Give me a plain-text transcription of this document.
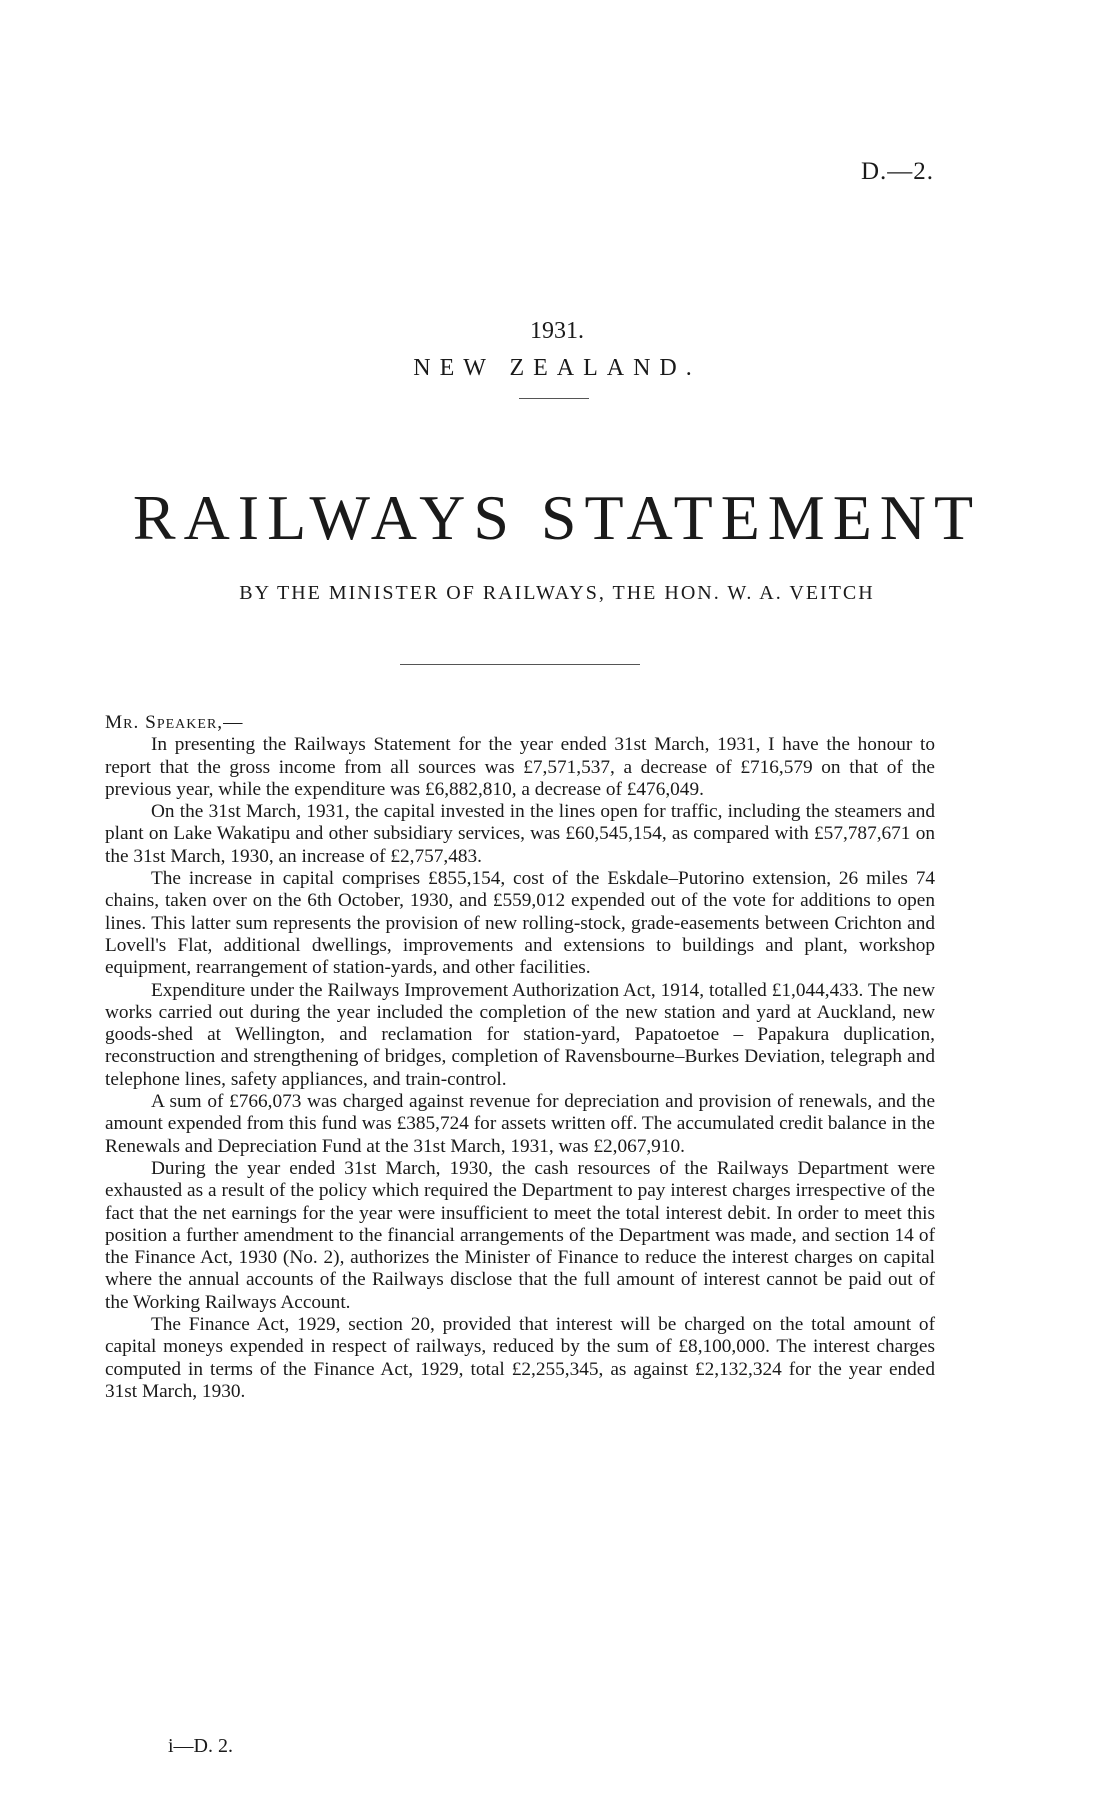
D.—2.
1931.
NEW ZEALAND.
RAILWAYS STATEMENT
BY THE MINISTER OF RAILWAYS, THE HON. W. A. VEITCH

Mr. Speaker,—

In presenting the Railways Statement for the year ended 31st March, 1931, I have the honour to report that the gross income from all sources was £7,571,537, a decrease of £716,579 on that of the previous year, while the expenditure was £6,882,810, a decrease of £476,049.

On the 31st March, 1931, the capital invested in the lines open for traffic, including the steamers and plant on Lake Wakatipu and other subsidiary services, was £60,545,154, as compared with £57,787,671 on the 31st March, 1930, an increase of £2,757,483.

The increase in capital comprises £855,154, cost of the Eskdale–Putorino extension, 26 miles 74 chains, taken over on the 6th October, 1930, and £559,012 expended out of the vote for additions to open lines. This latter sum represents the provision of new rolling-stock, grade-easements between Crichton and Lovell's Flat, additional dwellings, improvements and extensions to buildings and plant, workshop equipment, rearrangement of station-yards, and other facilities.

Expenditure under the Railways Improvement Authorization Act, 1914, totalled £1,044,433. The new works carried out during the year included the completion of the new station and yard at Auckland, new goods-shed at Wellington, and reclamation for station-yard, Papatoetoe – Papakura duplication, reconstruction and strengthening of bridges, completion of Ravensbourne–Burkes Deviation, telegraph and telephone lines, safety appliances, and train-control.

A sum of £766,073 was charged against revenue for depreciation and provision of renewals, and the amount expended from this fund was £385,724 for assets written off. The accumulated credit balance in the Renewals and Depreciation Fund at the 31st March, 1931, was £2,067,910.

During the year ended 31st March, 1930, the cash resources of the Railways Department were exhausted as a result of the policy which required the Department to pay interest charges irrespective of the fact that the net earnings for the year were insufficient to meet the total interest debit. In order to meet this position a further amendment to the financial arrangements of the Department was made, and section 14 of the Finance Act, 1930 (No. 2), authorizes the Minister of Finance to reduce the interest charges on capital where the annual accounts of the Railways disclose that the full amount of interest cannot be paid out of the Working Railways Account.

The Finance Act, 1929, section 20, provided that interest will be charged on the total amount of capital moneys expended in respect of railways, reduced by the sum of £8,100,000. The interest charges computed in terms of the Finance Act, 1929, total £2,255,345, as against £2,132,324 for the year ended 31st March, 1930.

i—D. 2.
